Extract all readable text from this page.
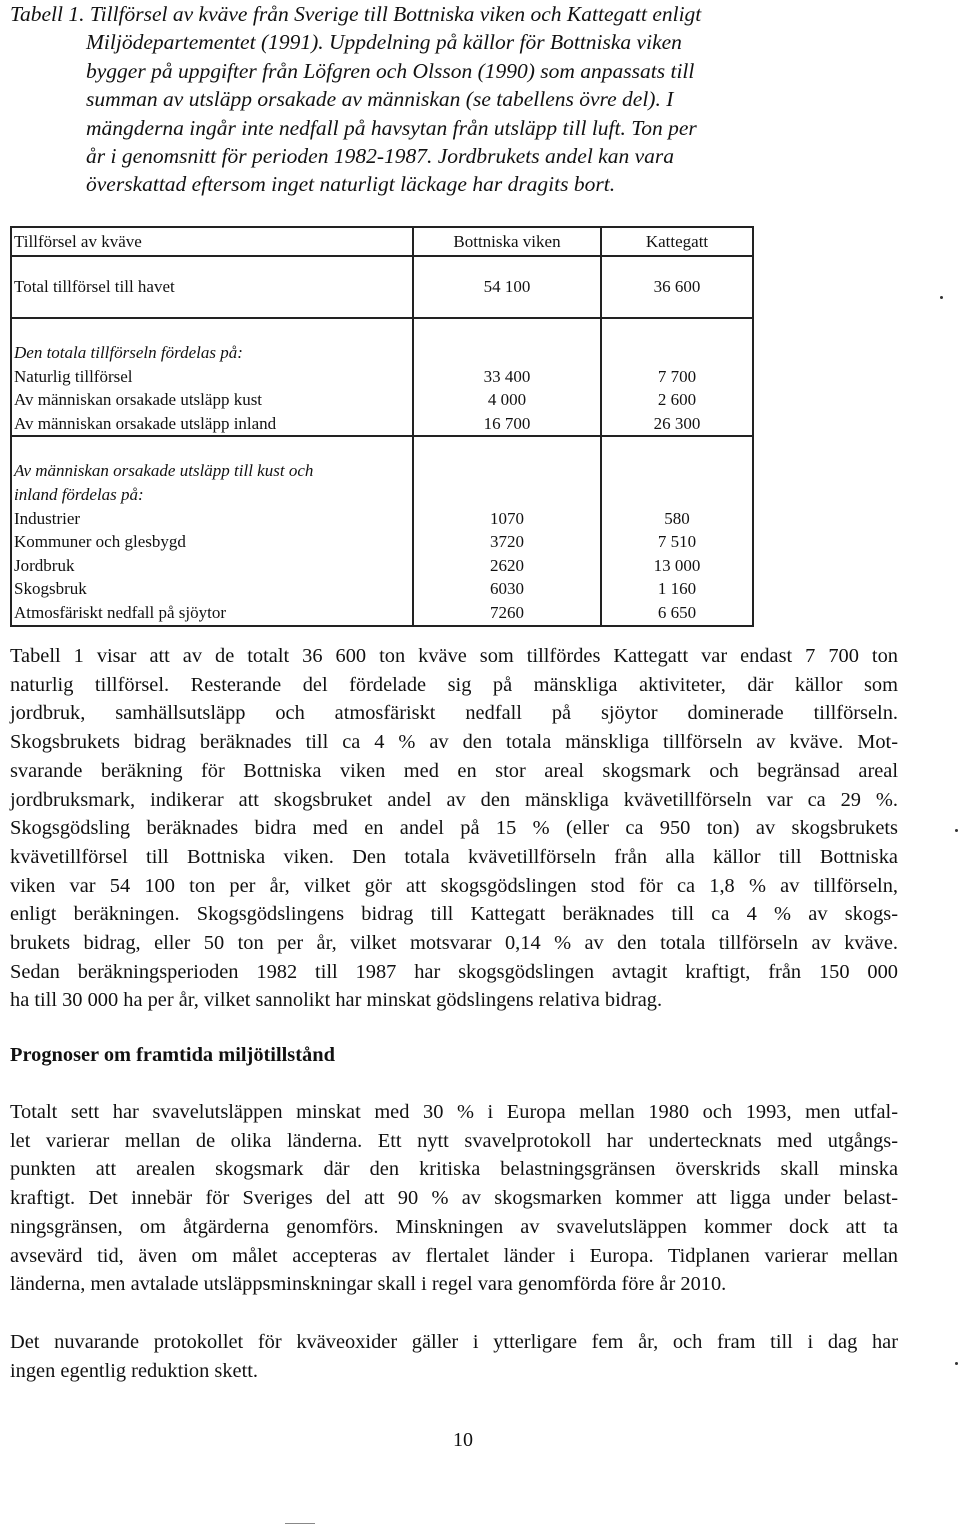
Tabell 1. Tillförsel av kväve från Sverige till Bottniska viken och Kattegatt enligt
Miljödepartementet (1991). Uppdelning på källor för Bottniska viken
bygger på uppgifter från Löfgren och Olsson (1990) som anpassats till
summan av utsläpp orsakade av människan (se tabellens övre del). I
mängderna ingår inte nedfall på havsytan från utsläpp till luft. Ton per
år i genomsnitt för perioden 1982-1987. Jordbrukets andel kan vara
överskattad eftersom inget naturligt läckage har dragits bort.
Tillförsel av kväve	Bottniska viken	Kattegatt
Total tillförsel till havet	54 100	36 600

Den totala tillförseln fördelas på:		
Naturlig tillförsel	33 400	7 700
Av människan orsakade utsläpp kust	4 000	2 600
Av människan orsakade utsläpp inland	16 700	26 300

Av människan orsakade utsläpp till kust och		
inland fördelas på:		
Industrier	1070	580
Kommuner och glesbygd	3720	7 510
Jordbruk	2620	13 000
Skogsbruk	6030	1 160
Atmosfäriskt nedfall på sjöytor	7260	6 650
Tabell 1 visar att av de totalt 36 600 ton kväve som tillfördes Kattegatt var endast 7 700 ton
naturlig tillförsel. Resterande del fördelade sig på mänskliga aktiviteter, där källor som
jordbruk, samhällsutsläpp och atmosfäriskt nedfall på sjöytor dominerade tillförseln.
Skogsbrukets bidrag beräknades till ca 4 % av den totala mänskliga tillförseln av kväve. Mot-
svarande beräkning för Bottniska viken med en stor areal skogsmark och begränsad areal
jordbruksmark, indikerar att skogsbruket andel av den mänskliga kvävetillförseln var ca 29 %.
Skogsgödsling beräknades bidra med en andel på 15 % (eller ca 950 ton) av skogsbrukets
kvävetillförsel till Bottniska viken. Den totala kvävetillförseln från alla källor till Bottniska
viken var 54 100 ton per år, vilket gör att skogsgödslingen stod för ca 1,8 % av tillförseln,
enligt beräkningen. Skogsgödslingens bidrag till Kattegatt beräknades till ca 4 % av skogs-
brukets bidrag, eller 50 ton per år, vilket motsvarar 0,14 % av den totala tillförseln av kväve.
Sedan beräkningsperioden 1982 till 1987 har skogsgödslingen avtagit kraftigt, från 150 000
ha till 30 000 ha per år, vilket sannolikt har minskat gödslingens relativa bidrag.
Prognoser om framtida miljötillstånd
Totalt sett har svavelutsläppen minskat med 30 % i Europa mellan 1980 och 1993, men utfal-
let varierar mellan de olika länderna. Ett nytt svavelprotokoll har undertecknats med utgångs-
punkten att arealen skogsmark där den kritiska belastningsgränsen överskrids skall minska
kraftigt. Det innebär för Sveriges del att 90 % av skogsmarken kommer att ligga under belast-
ningsgränsen, om åtgärderna genomförs. Minskningen av svavelutsläppen kommer dock att ta
avsevärd tid, även om målet accepteras av flertalet länder i Europa. Tidplanen varierar mellan
länderna, men avtalade utsläppsminskningar skall i regel vara genomförda före år 2010.
Det nuvarande protokollet för kväveoxider gäller i ytterligare fem år, och fram till i dag har
ingen egentlig reduktion skett.
10
